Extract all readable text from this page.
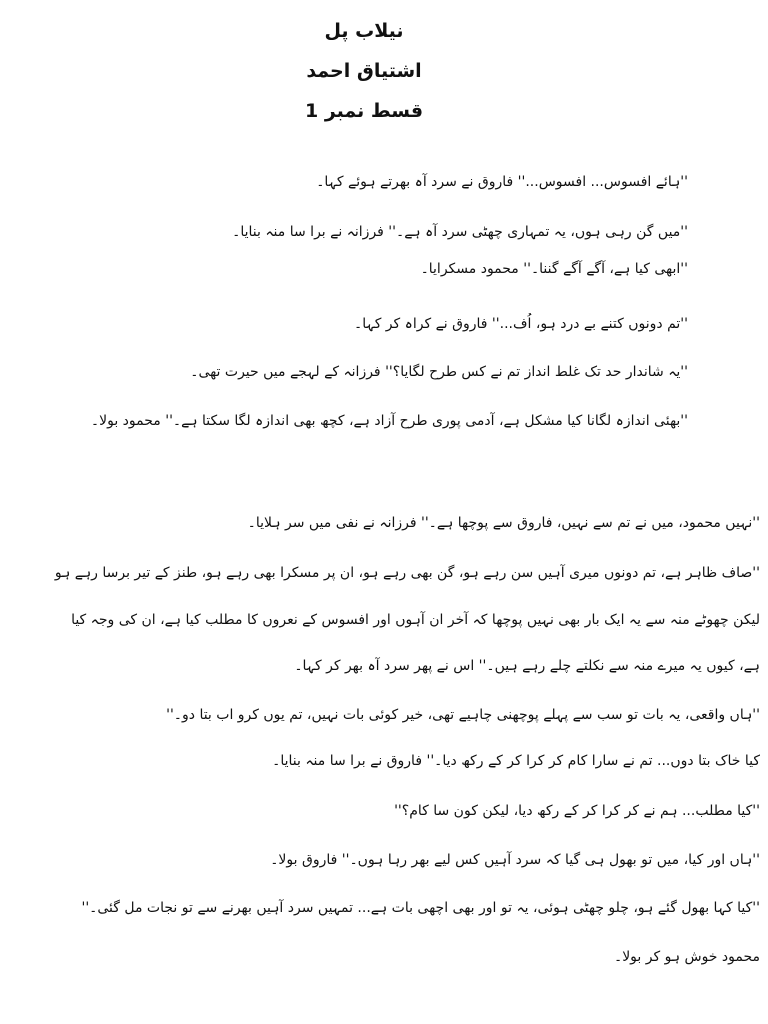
نیلاب پل
اشتیاق احمد
قسط نمبر 1
''ہائے افسوس... افسوس...'' فاروق نے سرد آہ بھرتے ہوئے کہا۔
''میں گن رہی ہوں، یہ تمہاری چھٹی سرد آہ ہے۔'' فرزانہ نے برا سا منہ بنایا۔
''ابھی کیا ہے، آگے آگے گننا۔'' محمود مسکرایا۔
''تم دونوں کتنے بے درد ہو، اُف...'' فاروق نے کراہ کر کہا۔
''یہ شاندار حد تک غلط انداز تم نے کس طرح لگایا؟'' فرزانہ کے لہجے میں حیرت تھی۔
''بھئی اندازہ لگانا کیا مشکل ہے، آدمی پوری طرح آزاد ہے، کچھ بھی اندازہ لگا سکتا ہے۔'' محمود بولا۔
''نہیں محمود، میں نے تم سے نہیں، فاروق سے پوچھا ہے۔'' فرزانہ نے نفی میں سر ہلایا۔
''صاف ظاہر ہے، تم دونوں میری آہیں سن رہے ہو، گن بھی رہے ہو، ان پر مسکرا بھی رہے ہو، طنز کے تیر برسا رہے ہو
لیکن چھوٹے منہ سے یہ ایک بار بھی نہیں پوچھا کہ آخر ان آہوں اور افسوس کے نعروں کا مطلب کیا ہے، ان کی وجہ کیا
ہے، کیوں یہ میرے منہ سے نکلتے چلے رہے ہیں۔'' اس نے پھر سرد آہ بھر کر کہا۔
''ہاں واقعی، یہ بات تو سب سے پہلے پوچھنی چاہیے تھی، خیر کوئی بات نہیں، تم یوں کرو اب بتا دو۔''
کیا خاک بتا دوں... تم نے سارا کام کر کرا کر کے رکھ دیا۔'' فاروق نے برا سا منہ بنایا۔
''کیا مطلب... ہم نے کر کرا کر کے رکھ دیا، لیکن کون سا کام؟''
''ہاں اور کیا، میں تو بھول ہی گیا کہ سرد آہیں کس لیے بھر رہا ہوں۔'' فاروق بولا۔
''کیا کہا بھول گئے ہو، چلو چھٹی ہوئی، یہ تو اور بھی اچھی بات ہے... تمہیں سرد آہیں بھرنے سے تو نجات مل گئی۔''
محمود خوش ہو کر بولا۔
